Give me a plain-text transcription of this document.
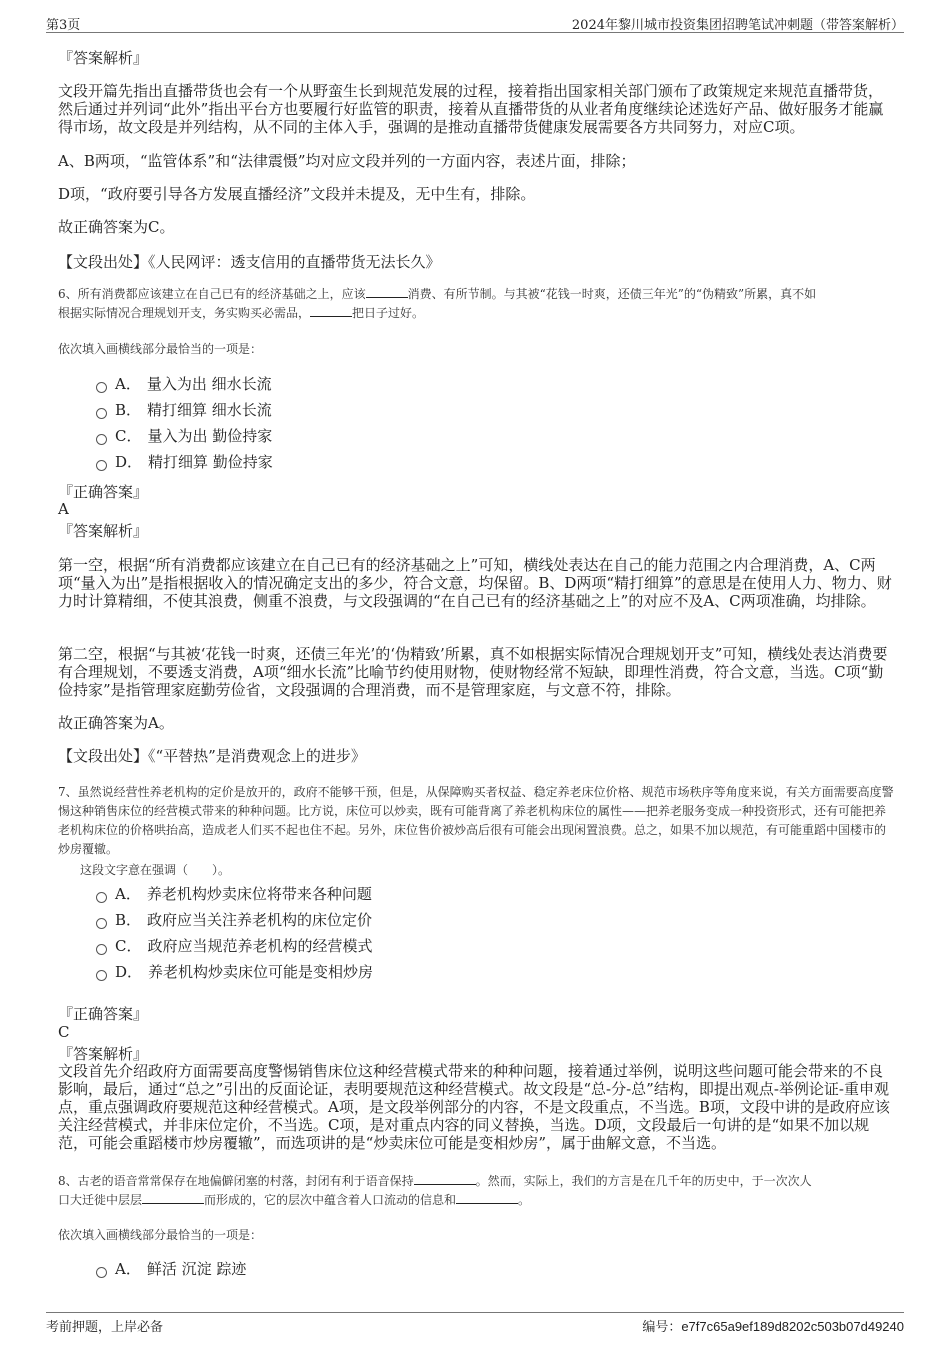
第3页	2024年黎川城市投资集团招聘笔试冲刺题（带答案解析）
『答案解析』
文段开篇先指出直播带货也会有一个从野蛮生长到规范发展的过程，接着指出国家相关部门颁布了政策规定来规范直播带货，然后通过并列词“此外”指出平台方也要履行好监管的职责，接着从直播带货的从业者角度继续论述选好产品、做好服务才能赢得市场，故文段是并列结构，从不同的主体入手，强调的是推动直播带货健康发展需要各方共同努力，对应C项。
A、B两项，“监管体系”和“法律震慑”均对应文段并列的一方面内容，表述片面，排除；
D项，“政府要引导各方发展直播经济”文段并未提及，无中生有，排除。
故正确答案为C。
【文段出处】《人民网评：透支信用的直播带货无法长久》
6、所有消费都应该建立在自己已有的经济基础之上，应该	消费、有所节制。与其被“花钱一时爽，还债三年光”的“伪精致”所累，真不如
根据实际情况合理规划开支，务实购买必需品，	把日子过好。
依次填入画横线部分最恰当的一项是：
A． 量入为出 细水长流
B． 精打细算 细水长流
C． 量入为出 勤俭持家
D． 精打细算 勤俭持家
『正确答案』
A
『答案解析』
第一空，根据“所有消费都应该建立在自己已有的经济基础之上”可知，横线处表达在自己的能力范围之内合理消费，A、C两项“量入为出”是指根据收入的情况确定支出的多少，符合文意，均保留。B、D两项“精打细算”的意思是在使用人力、物力、财力时计算精细，不使其浪费，侧重不浪费，与文段强调的“在自己已有的经济基础之上”的对应不及A、C两项准确，均排除。
第二空，根据“与其被‘花钱一时爽，还债三年光’的‘伪精致’所累，真不如根据实际情况合理规划开支”可知，横线处表达消费要有合理规划，不要透支消费，A项“细水长流”比喻节约使用财物，使财物经常不短缺，即理性消费，符合文意，当选。C项“勤俭持家”是指管理家庭勤劳俭省，文段强调的合理消费，而不是管理家庭，与文意不符，排除。
故正确答案为A。
【文段出处】《“平替热”是消费观念上的进步》
7、虽然说经营性养老机构的定价是放开的，政府不能够干预，但是，从保障购买者权益、稳定养老床位价格、规范市场秩序等角度来说，有关方面需要高度警惕这种销售床位的经营模式带来的种种问题。比方说，床位可以炒卖，既有可能背离了养老机构床位的属性——把养老服务变成一种投资形式，还有可能把养老机构床位的价格哄抬高，造成老人们买不起也住不起。另外，床位售价被炒高后很有可能会出现闲置浪费。总之，如果不加以规范，有可能重蹈中国楼市的炒房覆辙。
这段文字意在强调（　　）。
A． 养老机构炒卖床位将带来各种问题
B． 政府应当关注养老机构的床位定价
C． 政府应当规范养老机构的经营模式
D． 养老机构炒卖床位可能是变相炒房
『正确答案』
C
『答案解析』
文段首先介绍政府方面需要高度警惕销售床位这种经营模式带来的种种问题，接着通过举例，说明这些问题可能会带来的不良影响，最后，通过“总之”引出的反面论证，表明要规范这种经营模式。故文段是“总-分-总”结构，即提出观点-举例论证-重申观点，重点强调政府要规范这种经营模式。A项，是文段举例部分的内容，不是文段重点，不当选。B项，文段中讲的是政府应该关注经营模式，并非床位定价，不当选。C项，是对重点内容的同义替换，当选。D项，文段最后一句讲的是“如果不加以规范，可能会重蹈楼市炒房覆辙”，而选项讲的是“炒卖床位可能是变相炒房”，属于曲解文意，不当选。
8、古老的语音常常保存在地偏僻闭塞的村落，封闭有利于语音保持	。然而，实际上，我们的方言是在几千年的历史中，于一次次人
口大迁徙中层层	而形成的，它的层次中蕴含着人口流动的信息和	。
依次填入画横线部分最恰当的一项是：
A． 鲜活 沉淀 踪迹
考前押题，上岸必备	编号：e7f7c65a9ef189d8202c503b07d49240
